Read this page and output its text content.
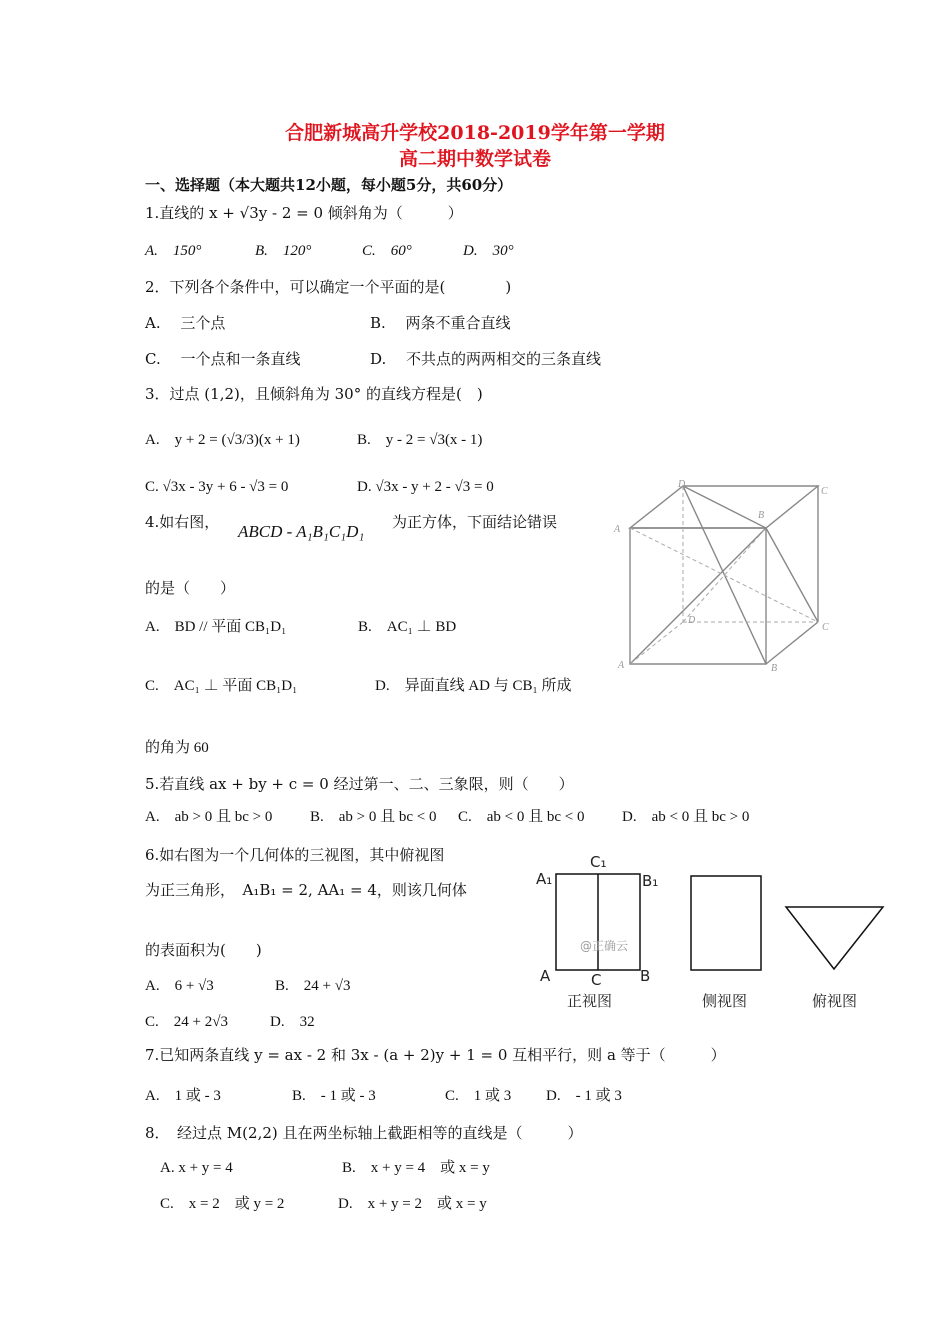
合肥新城高升学校2018-2019学年第一学期
高二期中数学试卷
一、选择题（本大题共12小题，每小题5分，共60分）
1.直线的 x + √3y - 2 = 0 倾斜角为（　　　）
A.　150°	B.　120°	C.　60°	D.　30°
2．下列各个条件中，可以确定一个平面的是(　　　　)
A.　 三个点	B.　 两条不重合直线
C.　 一个点和一条直线	D.　 不共点的两两相交的三条直线
3．过点 (1,2)，且倾斜角为 30° 的直线方程是(　)
A.　y + 2 = (√3/3)(x + 1)	B.　y - 2 = √3(x - 1)
C. √3x - 3y + 6 - √3 = 0	D. √3x - y + 2 - √3 = 0
4.如右图， ABCD - A₁B₁C₁D₁ 为正方体，下面结论错误
的是（　　）
A.　BD // 平面 CB₁D₁	B.　AC₁ ⊥ BD
C.　AC₁ ⊥ 平面 CB₁D₁	D.　异面直线 AD 与 CB₁ 所成
的角为 60
D
C
B
A
D
C
A	B
5.若直线 ax + by + c = 0 经过第一、二、三象限，则（　　）
A.　ab > 0 且 bc > 0	B.　ab > 0 且 bc < 0 C.　ab < 0 且 bc < 0	D.　ab < 0 且 bc > 0
6.如右图为一个几何体的三视图，其中俯视图
为正三角形，　A₁B₁ = 2, AA₁ = 4，则该几何体
的表面积为(　　)
A.　6 + √3	B.　24 + √3
C.　24 + 2√3	D.　32
A₁
C₁
B₁
A	C	B
@正确云
正视图	侧视图	俯视图
7.已知两条直线 y = ax - 2 和 3x - (a + 2)y + 1 = 0 互相平行，则 a 等于（　　　）
A.　1 或 - 3	B.　- 1 或 - 3	C.　1 或 3 D.　- 1 或 3
8．　经过点 M(2,2) 且在两坐标轴上截距相等的直线是（　　　）
A. x + y = 4	B.　x + y = 4　或 x = y
C.　x = 2　或 y = 2	D.　x + y = 2　或 x = y
